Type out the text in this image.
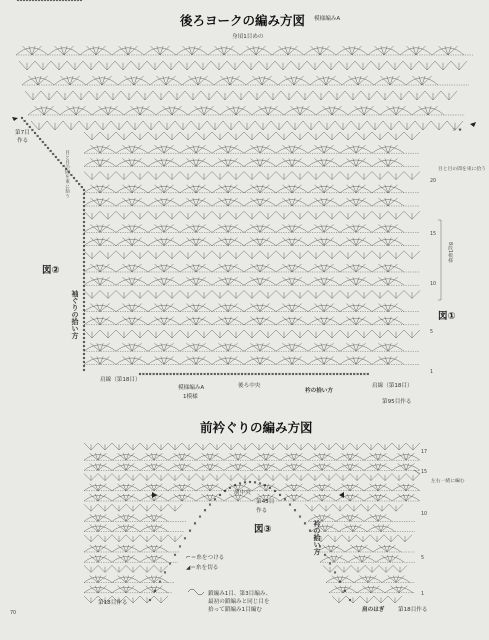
後ろヨークの編み方図 模様編みA
身頃1目めの
第7目
作る
目と目の間を束に拾う	目と目の間を束に拾う
☆ ★
8段1模様
20
15
10
5
1
図①
図②
袖ぐりの拾い方
肩線（第18目）
模様編みA
1模様
後ろ中央
衿の拾い方
肩線（第18目）
第95目作る
前衿ぐりの編み方図
17
15
10
5
1
前中央
第43目
作る
図③	衿の拾い方
左右一緒に編む
⌐＝糸をつける
◢＝糸を切る
鎖編み1目、第3目編み、
最初の鎖編みと同じ目を
拾って鎖編み1目編む
第18目作る
肩のはぎ 第18目作る
70
